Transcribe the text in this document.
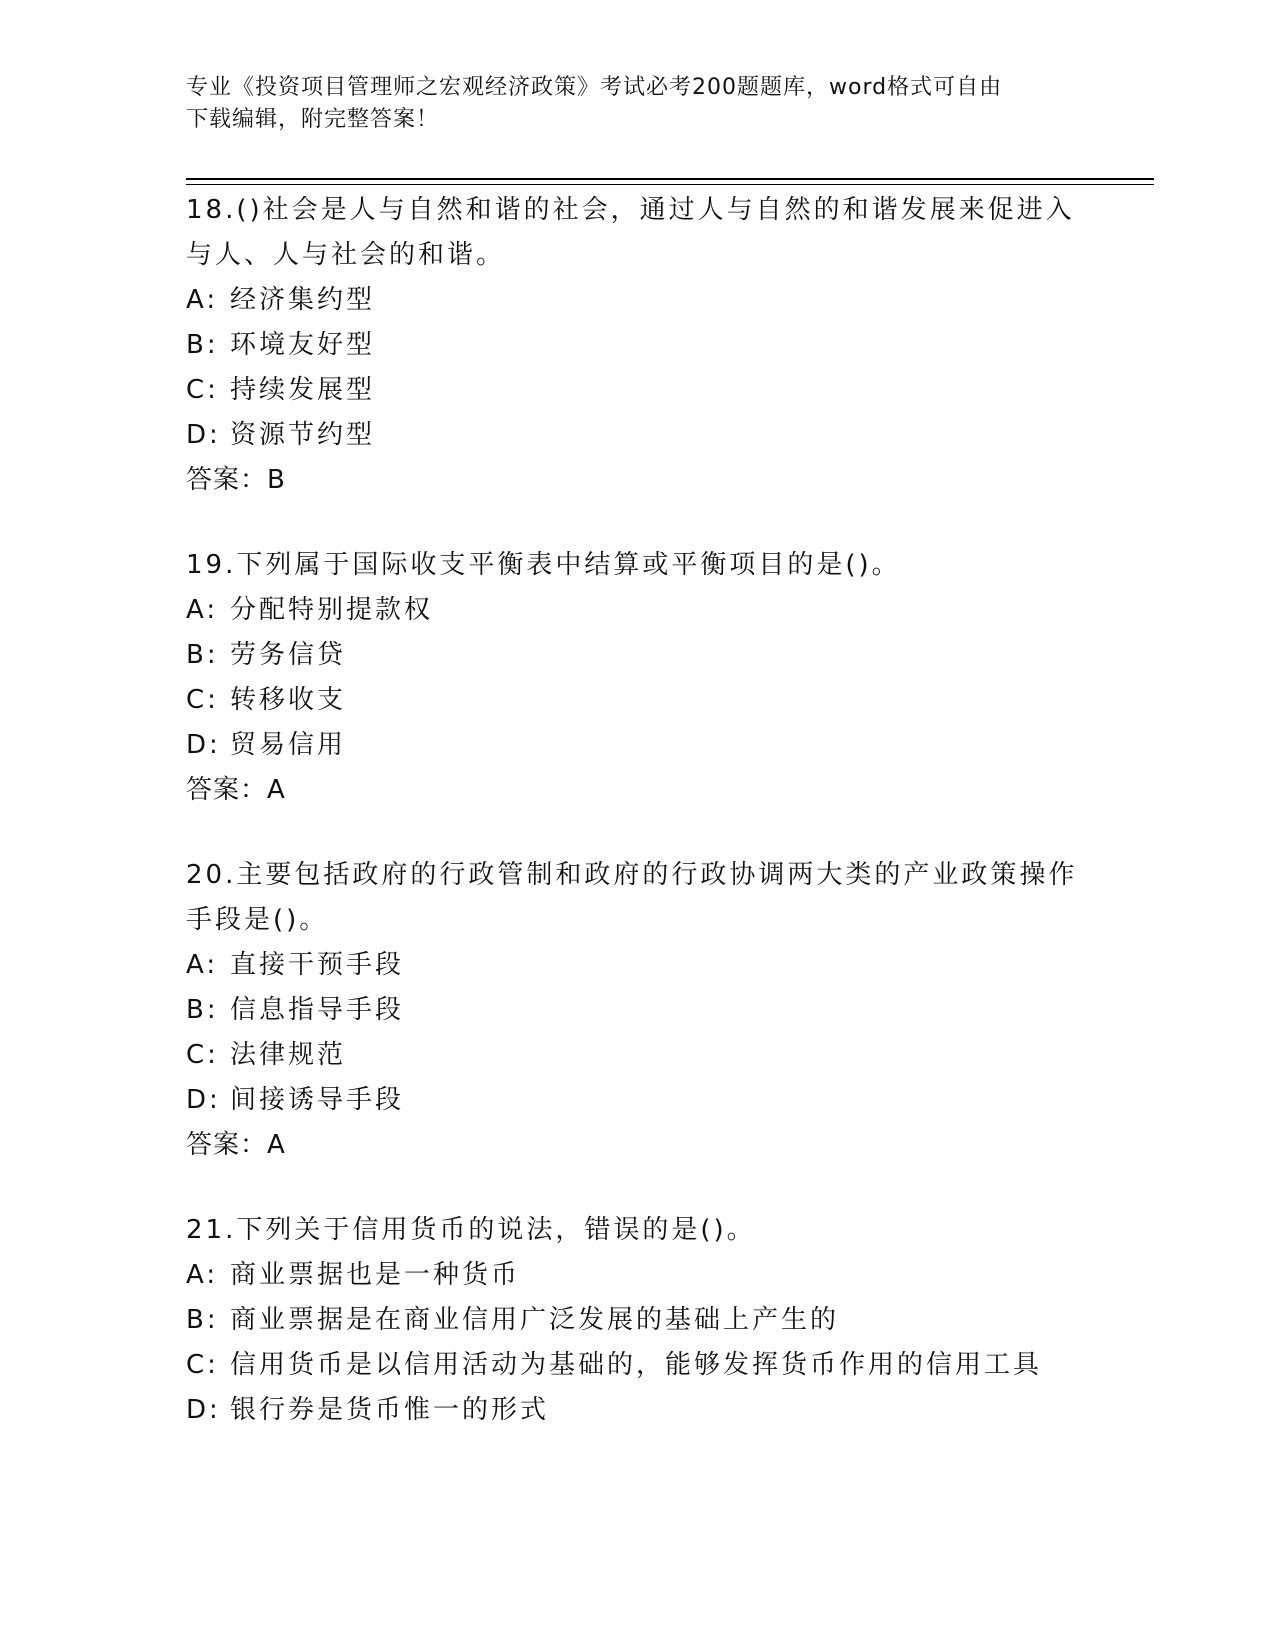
专业《投资项目管理师之宏观经济政策》考试必考200题题库，word格式可自由
下载编辑，附完整答案！
18.()社会是人与自然和谐的社会，通过人与自然的和谐发展来促进入
与人、人与社会的和谐。
A: 经济集约型
B: 环境友好型
C: 持续发展型
D: 资源节约型
答案：B
19.下列属于国际收支平衡表中结算或平衡项目的是()。
A: 分配特别提款权
B: 劳务信贷
C: 转移收支
D: 贸易信用
答案：A
20.主要包括政府的行政管制和政府的行政协调两大类的产业政策操作
手段是()。
A: 直接干预手段
B: 信息指导手段
C: 法律规范
D: 间接诱导手段
答案：A
21.下列关于信用货币的说法，错误的是()。
A: 商业票据也是一种货币
B: 商业票据是在商业信用广泛发展的基础上产生的
C: 信用货币是以信用活动为基础的，能够发挥货币作用的信用工具
D: 银行券是货币惟一的形式
